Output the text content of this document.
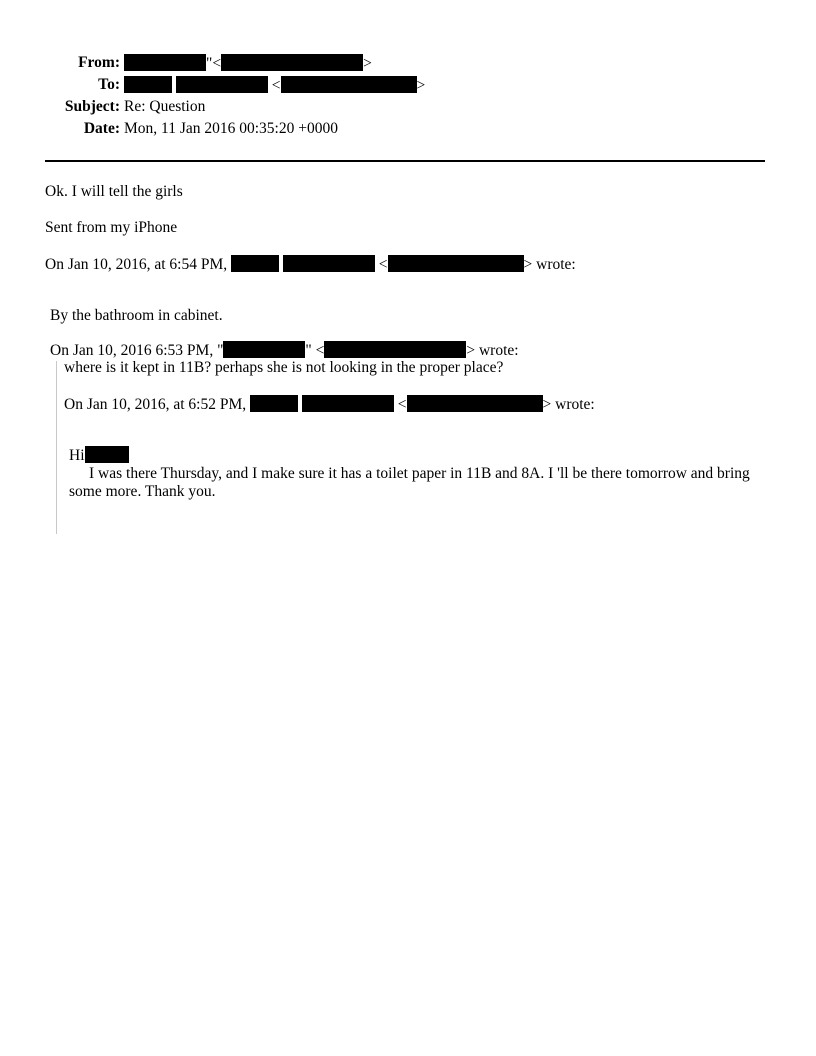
From:	"<	>
To:	<	>
Subject: Re: Question
Date: Mon, 11 Jan 2016 00:35:20 +0000
Ok. I will tell the girls
Sent from my iPhone
On Jan 10, 2016, at 6:54 PM,	<	> wrote:
By the bathroom in cabinet.
On Jan 10, 2016 6:53 PM, "	" <	> wrote:
where is it kept in 11B? perhaps she is not looking in the proper place?
On Jan 10, 2016, at 6:52 PM,	<	> wrote:
Hi
I was there Thursday, and I make sure it has a toilet paper in 11B and 8A. I 'll be there tomorrow and bring some more. Thank you.
